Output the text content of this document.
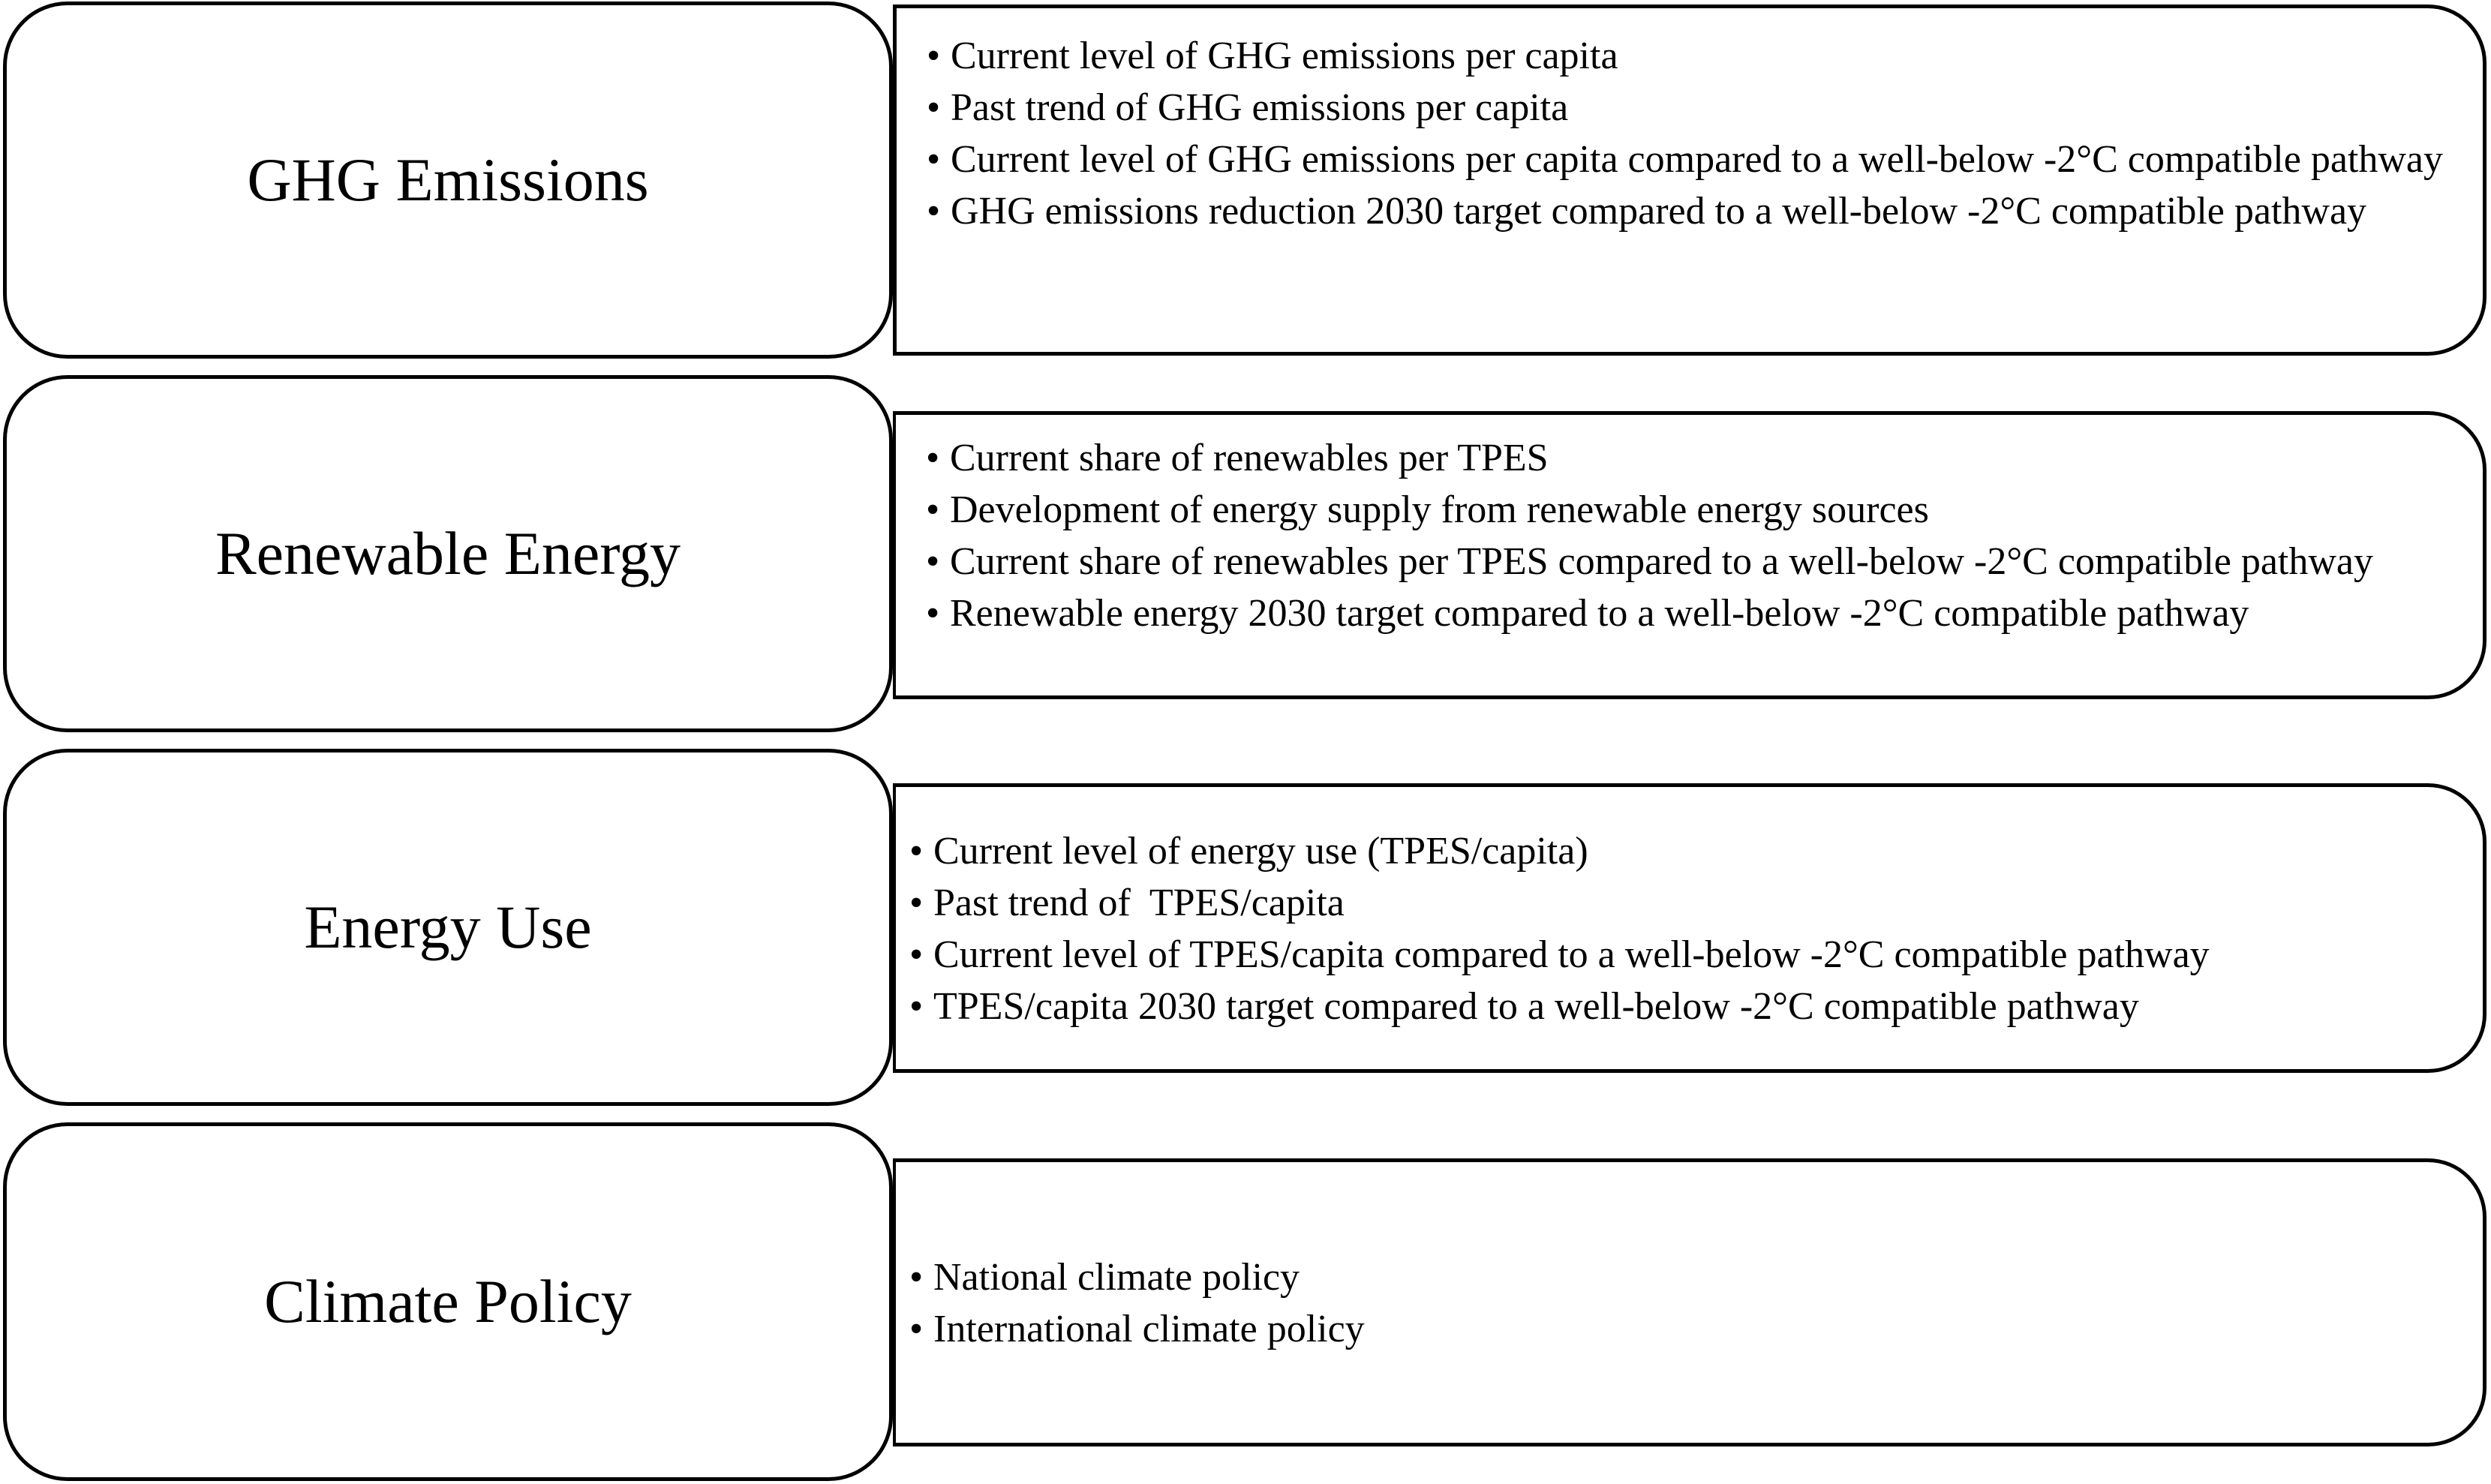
GHG Emissions
• Current level of GHG emissions per capita
• Past trend of GHG emissions per capita
• Current level of GHG emissions per capita compared to a well-below -2°C compatible pathway
• GHG emissions reduction 2030 target compared to a well-below -2°C compatible pathway
Renewable Energy
• Current share of renewables per TPES
• Development of energy supply from renewable energy sources
• Current share of renewables per TPES compared to a well-below -2°C compatible pathway
• Renewable energy 2030 target compared to a well-below -2°C compatible pathway
Energy Use
• Current level of energy use (TPES/capita)
• Past trend of  TPES/capita
• Current level of TPES/capita compared to a well-below -2°C compatible pathway
• TPES/capita 2030 target compared to a well-below -2°C compatible pathway
Climate Policy	• National climate policy
• International climate policy
